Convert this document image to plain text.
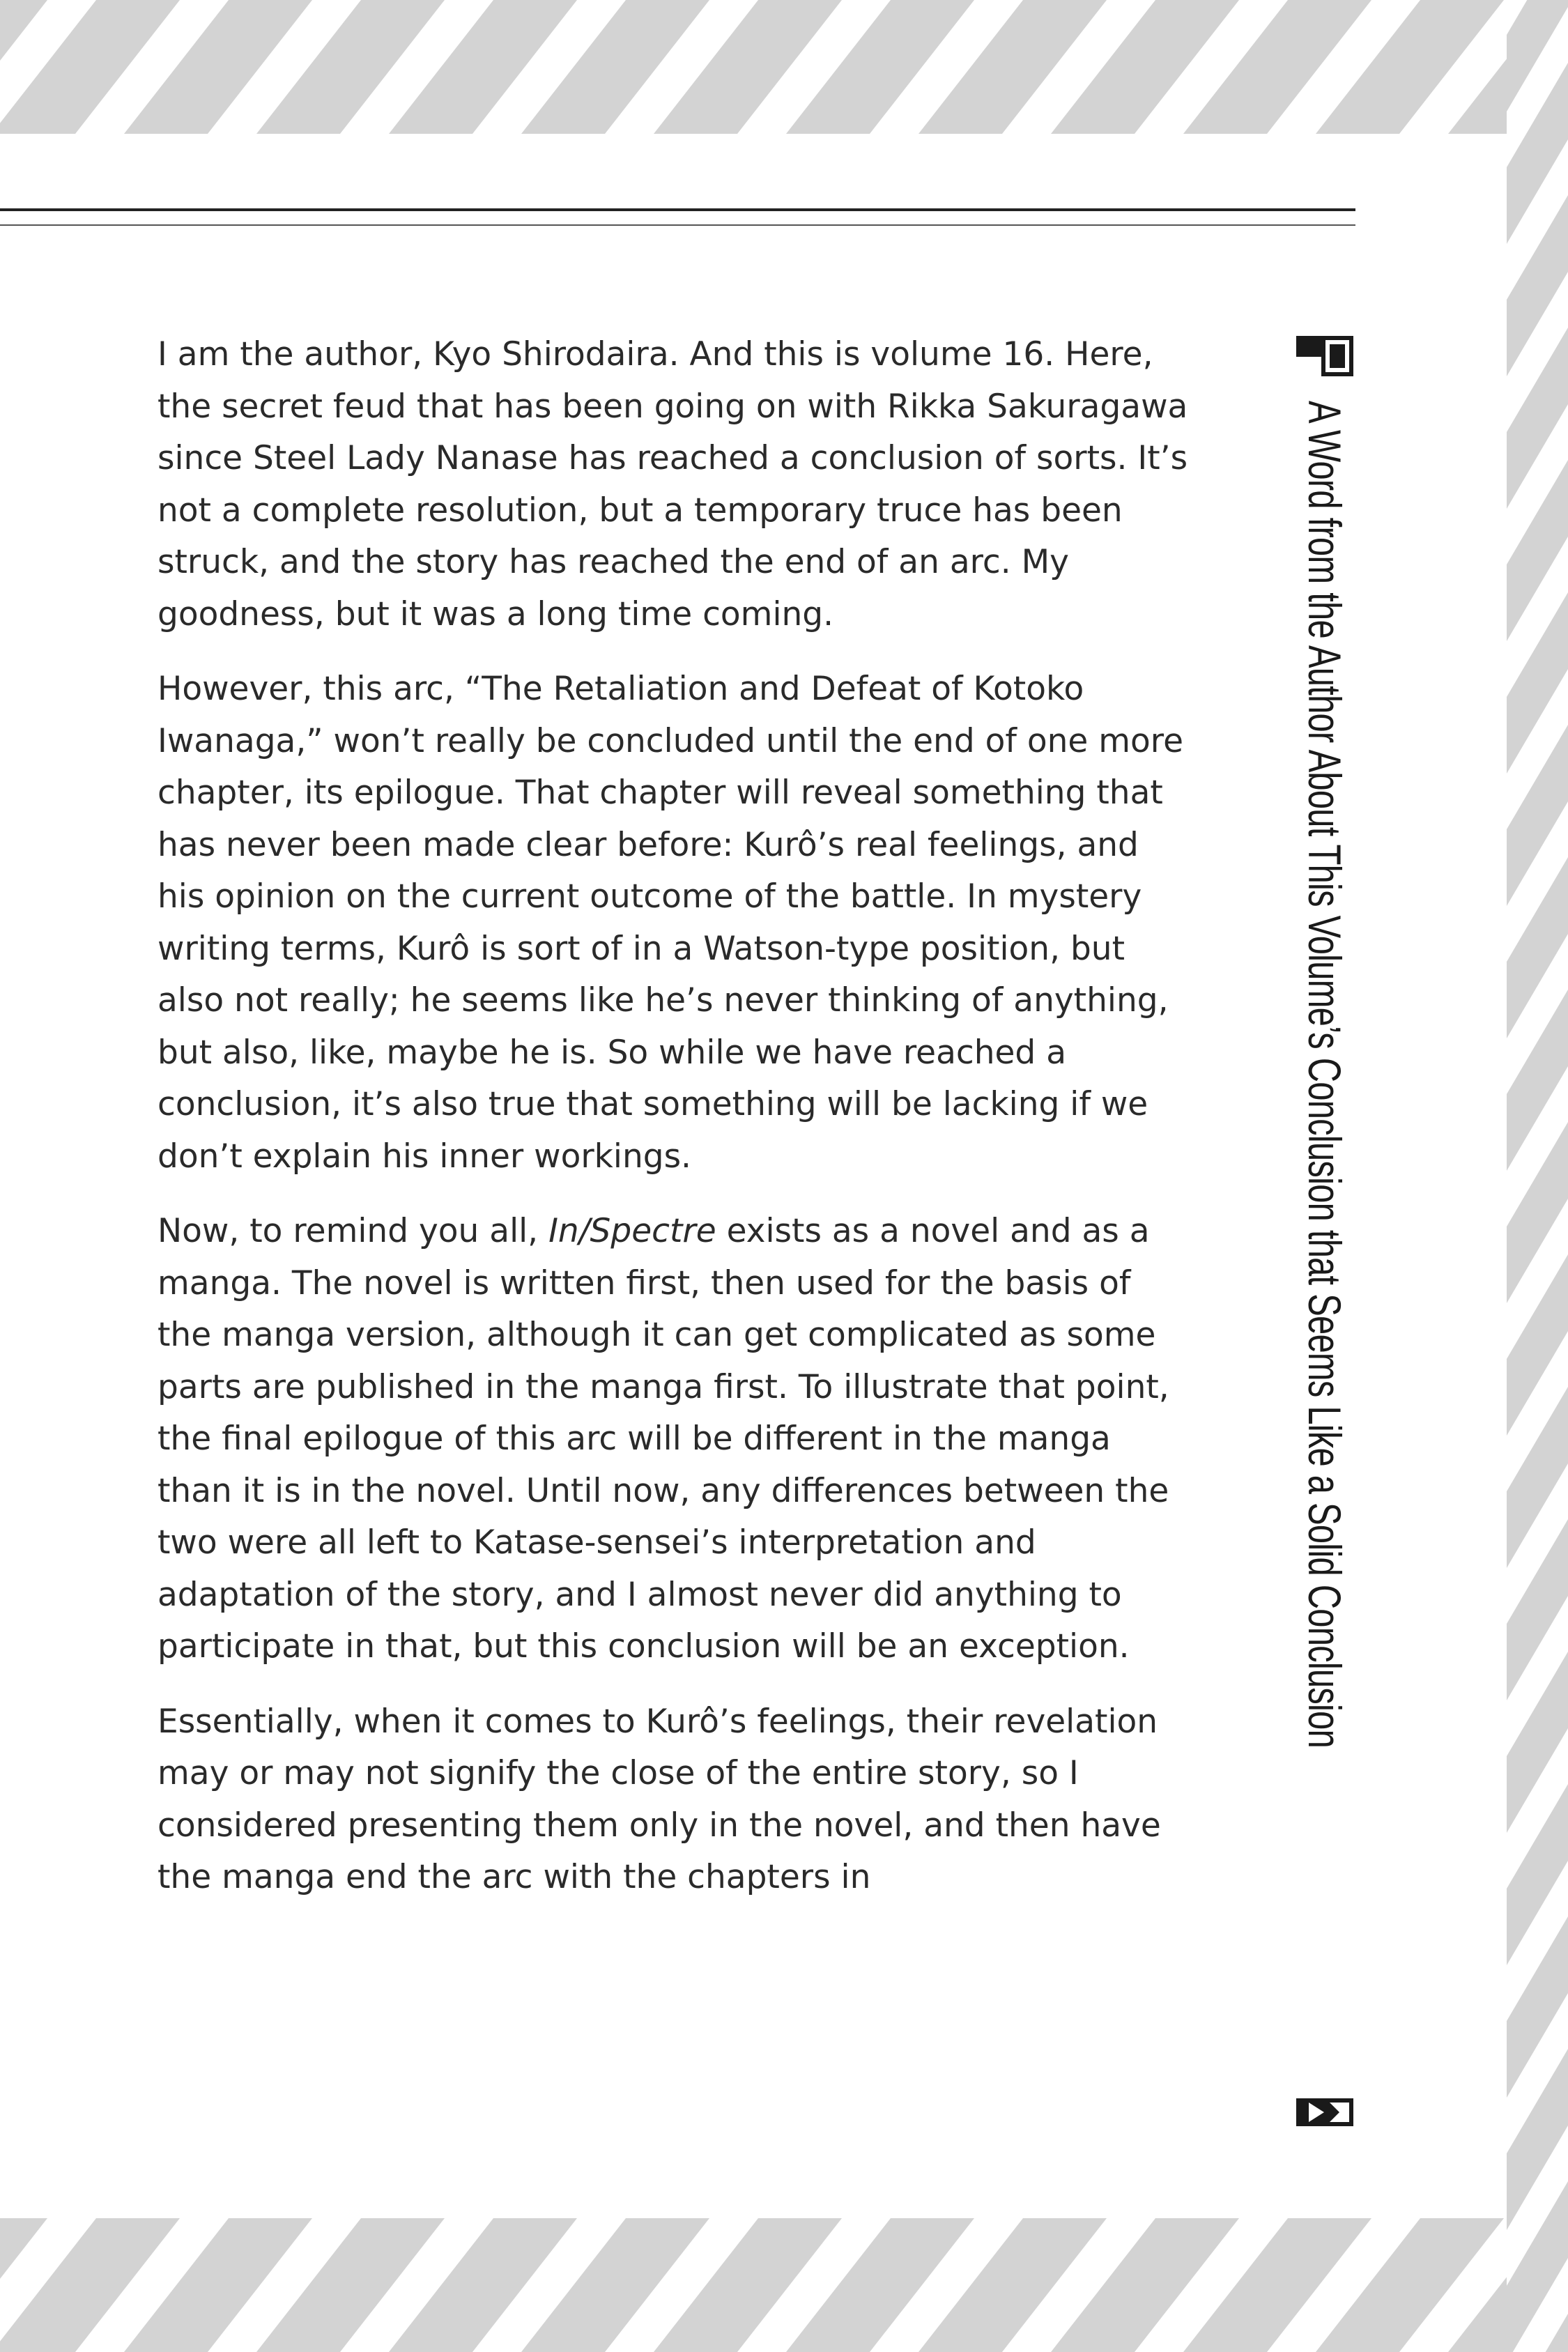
I am the author, Kyo Shirodaira. And this is volume 16. Here, the secret feud that has been going on with Rikka Sakuragawa since Steel Lady Nanase has reached a conclusion of sorts. It’s not a complete resolution, but a temporary truce has been struck, and the story has reached the end of an arc. My goodness, but it was a long time coming.

However, this arc, “The Retaliation and Defeat of Kotoko Iwanaga,” won’t really be concluded until the end of one more chapter, its epilogue. That chapter will reveal something that has never been made clear before: Kurô’s real feelings, and his opinion on the current outcome of the battle. In mystery writing terms, Kurô is sort of in a Watson-type position, but also not really; he seems like he’s never thinking of anything, but also, like, maybe he is. So while we have reached a conclusion, it’s also true that something will be lacking if we don’t explain his inner workings.

Now, to remind you all, In/Spectre exists as a novel and as a manga. The novel is written first, then used for the basis of the manga version, although it can get complicated as some parts are published in the manga first. To illustrate that point, the final epilogue of this arc will be different in the manga than it is in the novel. Until now, any differences between the two were all left to Katase-sensei’s interpretation and adaptation of the story, and I almost never did anything to participate in that, but this conclusion will be an exception.

Essentially, when it comes to Kurô’s feelings, their revelation may or may not signify the close of the entire story, so I considered presenting them only in the novel, and then have the manga end the arc with the chapters in

A Word from the Author About This Volume’s Conclusion that Seems Like a Solid Conclusion
